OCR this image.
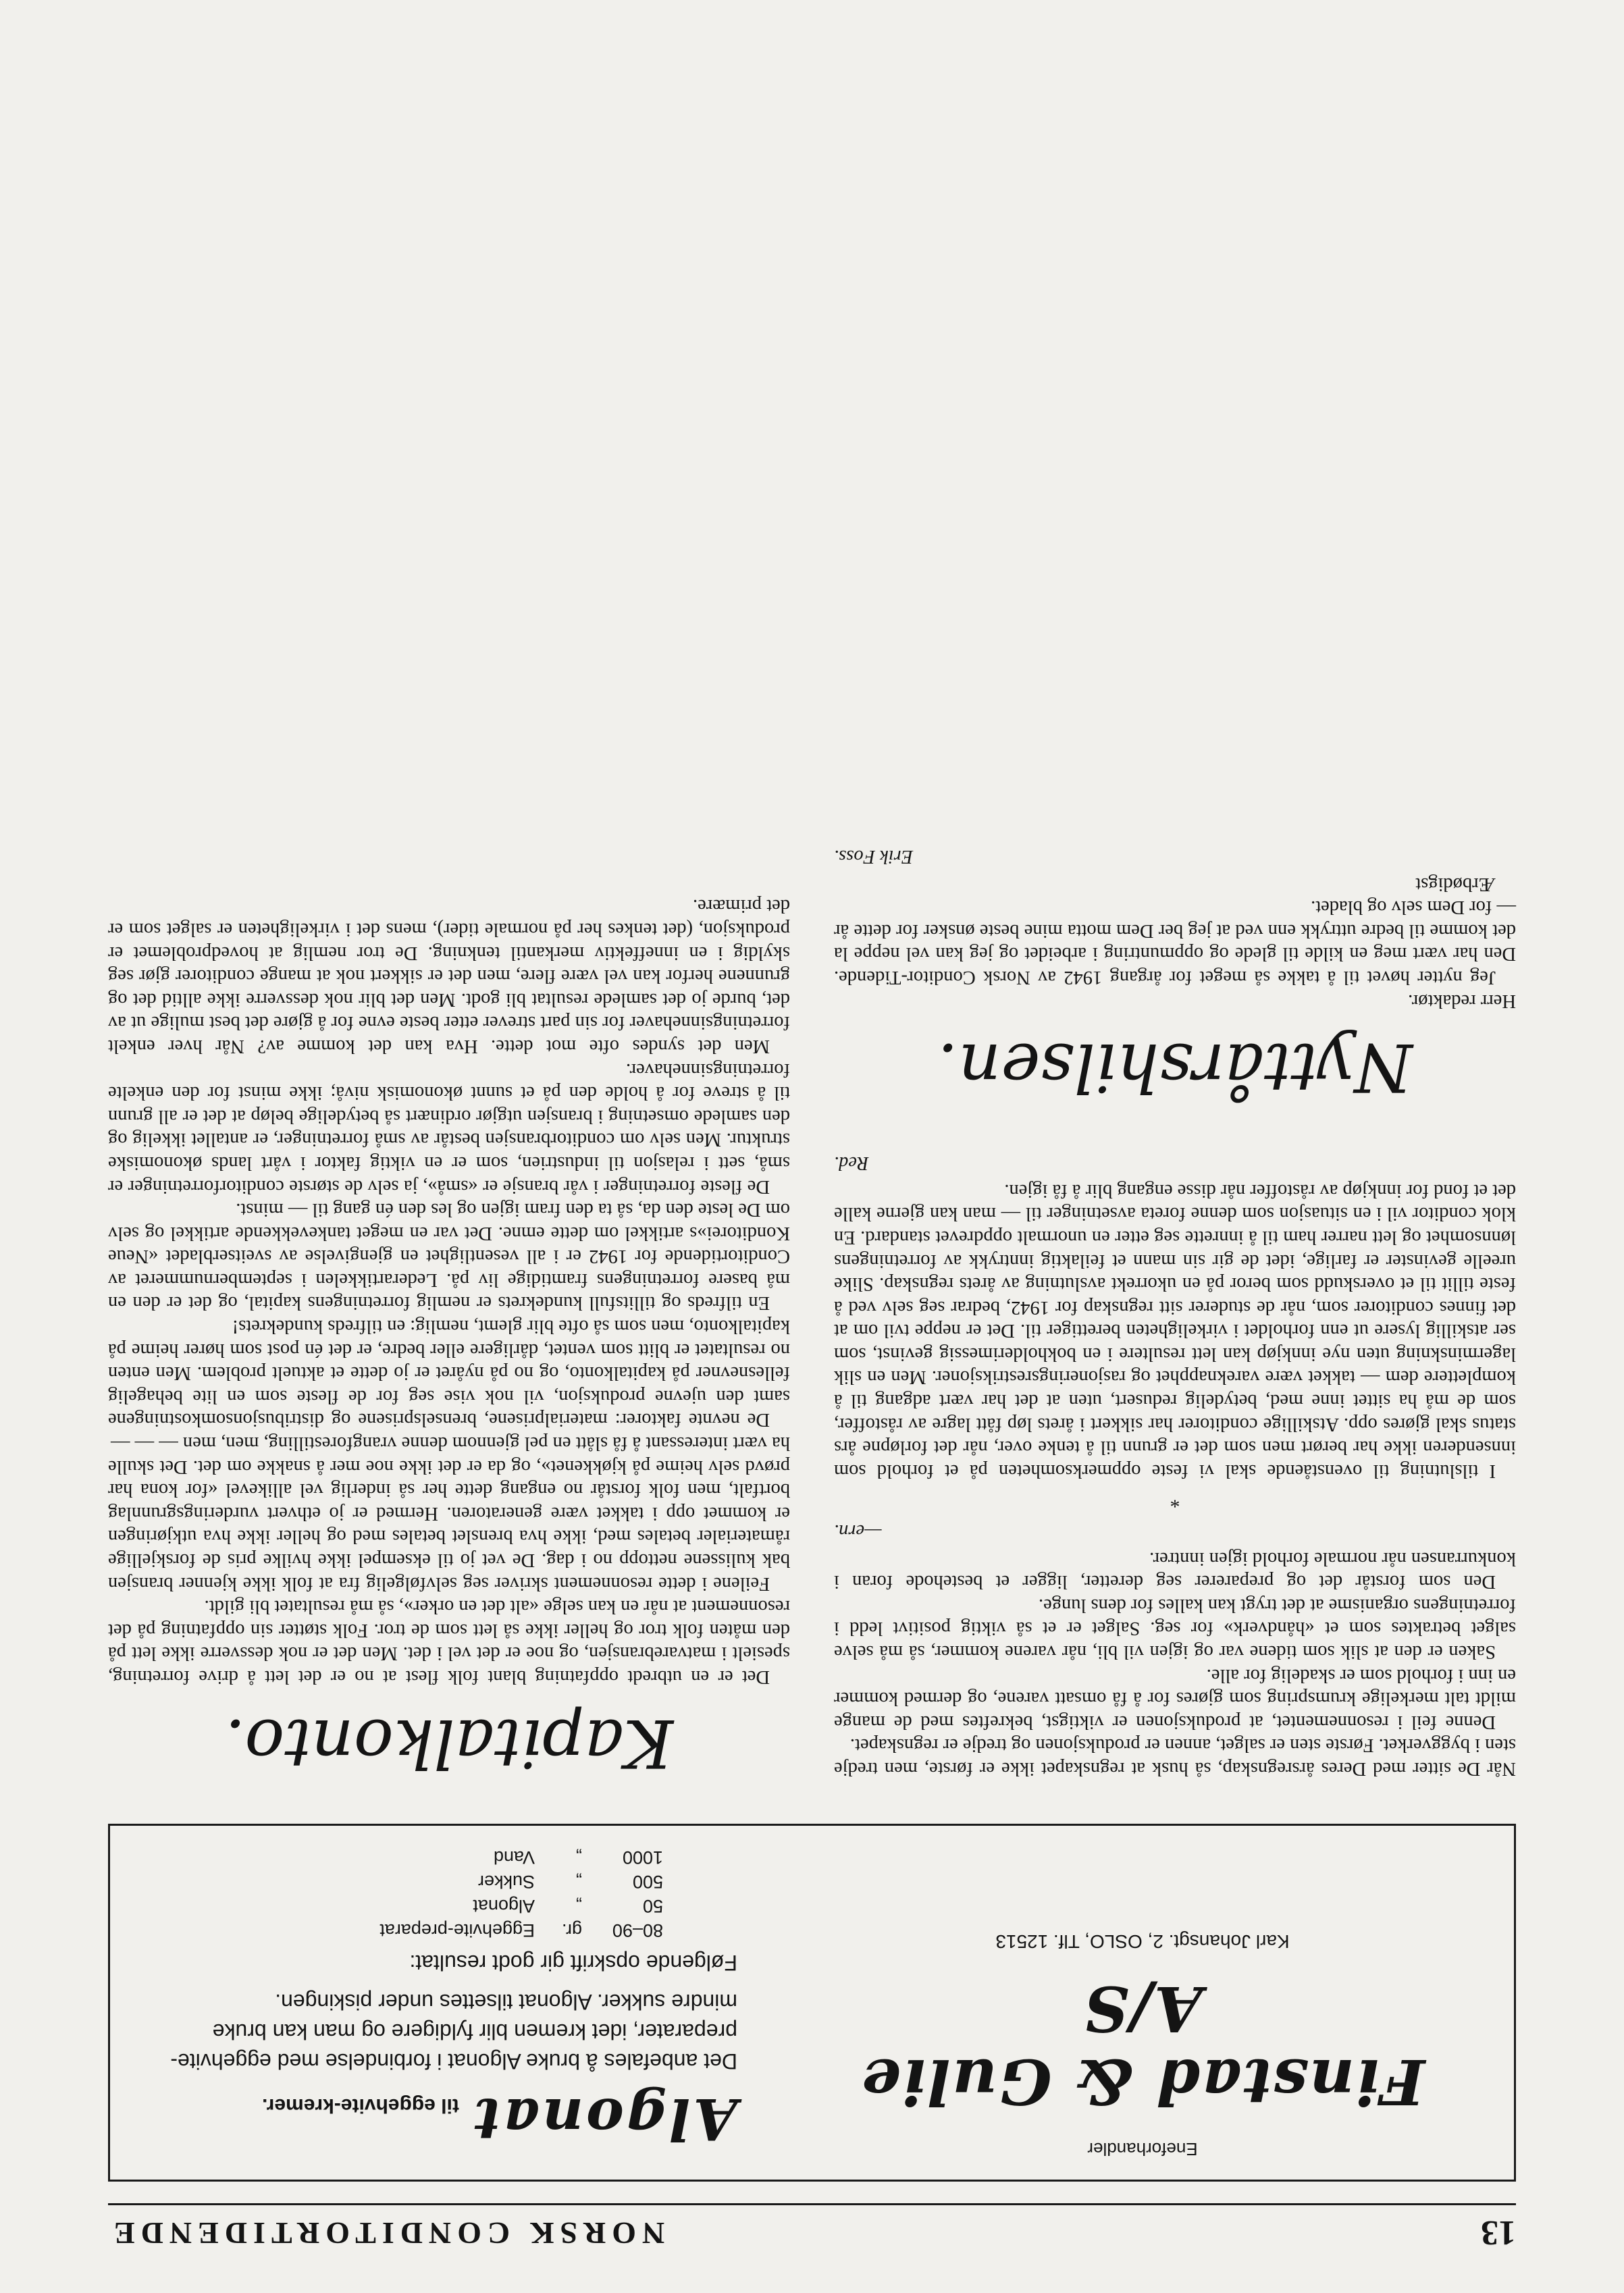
13
NORSK CONDITORTIDENDE
Eneforhandler
Finstad & Gulie A/S
Karl Johansgt. 2, OSLO, Tlf. 12513
Algonat til eggehvite-kremer.
Det anbefales å bruke Algonat i forbindelse med eggehvite-preparater, idet kremen blir fyldigere og man kan bruke mindre sukker. Algonat tilsettes under piskingen.
Følgende opskrift gir godt resultat:
80–90gr.Eggehvite-preparat
50„Algonat
500„Sukker
1000„Vand

Når De sitter med Deres årsregnskap, så husk at regnskapet ikke er første, men tredje sten i byggverket. Første sten er salget, annen er produksjonen og tredje er regnskapet.

Denne feil i resonnementet, at produksjonen er viktigst, bekreftes med de mange mildt talt merkelige krumspring som gjøres for å få omsatt varene, og dermed kommer en inn i forhold som er skadelig for alle.

Saken er den at slik som tidene var og igjen vil bli, når varene kommer, så må selve salget betraktes som et «håndverk» for seg. Salget er et så viktig positivt ledd i forretningens organisme at det trygt kan kalles for dens lunge.

Den som forstår det og preparerer seg deretter, ligger et bestehode foran i konkurransen når normale forhold igjen inntrer.

—ern.
*

I tilslutning til ovenstående skal vi feste oppmerksomheten på et forhold som innsenderen ikke har berørt men som det er grunn til å tenke over, når det forløpne års status skal gjøres opp. Atskillige conditorer har sikkert i årets løp fått lagre av råstoffer, som de må ha sittet inne med, betydelig redusert, uten at det har vært adgang til å komplettere dem — takket være vareknapphet og rasjoneringsrestriksjoner. Men en slik lagerminskning uten nye innkjøp kan lett resultere i en bokholderimessig gevinst, som ser atskillig lysere ut enn forholdet i virkeligheten berettiger til. Det er neppe tvil om at det finnes conditorer som, når de studerer sitt regnskap for 1942, bedrar seg selv ved å feste tillit til et overskudd som beror på en ukorrekt avslutning av årets regnskap. Slike ureelle gevinster er farlige, idet de gir sin mann et feilaktig inntrykk av forretningens lønnsomhet og lett narrer ham til å innrette seg etter en unormalt oppdrevet standard. En klok conditor vil i en situasjon som denne foreta avsetninger til — man kan gjerne kalle det et fond for innkjøp av råstoffer når disse engang blir å få igjen.

Red.
Nyttårshilsen.

Herr redaktør.

Jeg nytter høvet til å takke så meget for årgang 1942 av Norsk Conditor-Tidende. Den har vært meg en kilde til glede og oppmuntring i arbeidet og jeg kan vel neppe la det komme til bedre uttrykk enn ved at jeg ber Dem motta mine beste ønsker for dette år — for Dem selv og bladet.

Ærbødigst

Erik Foss.
Kapitalkonto.

Det er en utbredt oppfatning blant folk flest at no er det lett å drive forretning, spesielt i matvarebransjen, og noe er det vel i det. Men det er nok dessverre ikke lett på den måten folk tror og heller ikke så lett som de tror. Folk støtter sin oppfatning på det resonnement at når en kan selge «alt det en orker», så må resultatet bli gildt.

Feilene i dette resonnement skriver seg selvfølgelig fra at folk ikke kjenner bransjen bak kulissene nettopp no i dag. De vet jo til eksempel ikke hvilke pris de forskjellige råmaterialer betales med, ikke hva brenslet betales med og heller ikke hva utkjøringen er kommet opp i takket være generatoren. Hermed er jo ethvert vurderingsgrunnlag bortfalt, men folk forstår no engang dette her så inderlig vel allikevel «for kona har prøvd selv heime på kjøkkenet», og da er det ikke noe mer å snakke om det. Det skulle ha vært interessant å få slått en pel gjennom denne vrangforestilling, men, men — — —

De nevnte faktorer: materialprisene, brenselsprisene og distribusjonsomkostningene samt den ujevne produksjon, vil nok vise seg for de fleste som en lite behagelig fellesnevner på kapitalkonto, og no på nyåret er jo dette et aktuelt problem. Men enten no resultatet er blitt som ventet, dårligere eller bedre, er det én post som hører heime på kapitalkonto, men som så ofte blir glemt, nemlig: en tilfreds kundekrets!

En tilfreds og tillitsfull kundekrets er nemlig forretningens kapital, og det er den en må basere forretningens framtidige liv på. Lederartikkelen i septembernummeret av Conditortidende for 1942 er i all vesentlighet en gjengivelse av sveitserbladet «Neue Konditorei»s artikkel om dette emne. Det var en meget tankevekkende artikkel og selv om De leste den da, så ta den fram igjen og les den én gang til — minst.

De fleste forretninger i vår bransje er «små», ja selv de største conditorforretninger er små, sett i relasjon til industrien, som er en viktig faktor i vårt lands økonomiske struktur. Men selv om conditorbransjen består av små forretninger, er antallet ikkelig og den samlede omsetning i bransjen utgjør ordinært så betydelige beløp at det er all grunn til å streve for å holde den på et sunnt økonomisk nivå; ikke minst for den enkelte forretningsinnehaver.

Men det syndes ofte mot dette. Hva kan det komme av? Når hver enkelt forretningsinnehaver for sin part strever etter beste evne for å gjøre det best mulige ut av det, burde jo det samlede resultat bli godt. Men det blir nok dessverre ikke alltid det og grunnene herfor kan vel være flere, men det er sikkert nok at mange conditorer gjør seg skyldig i en inneffektiv merkantil tenkning. De tror nemlig at hovedproblemet er produksjon, (det tenkes her på normale tider), mens det i virkeligheten er salget som er det primære.
